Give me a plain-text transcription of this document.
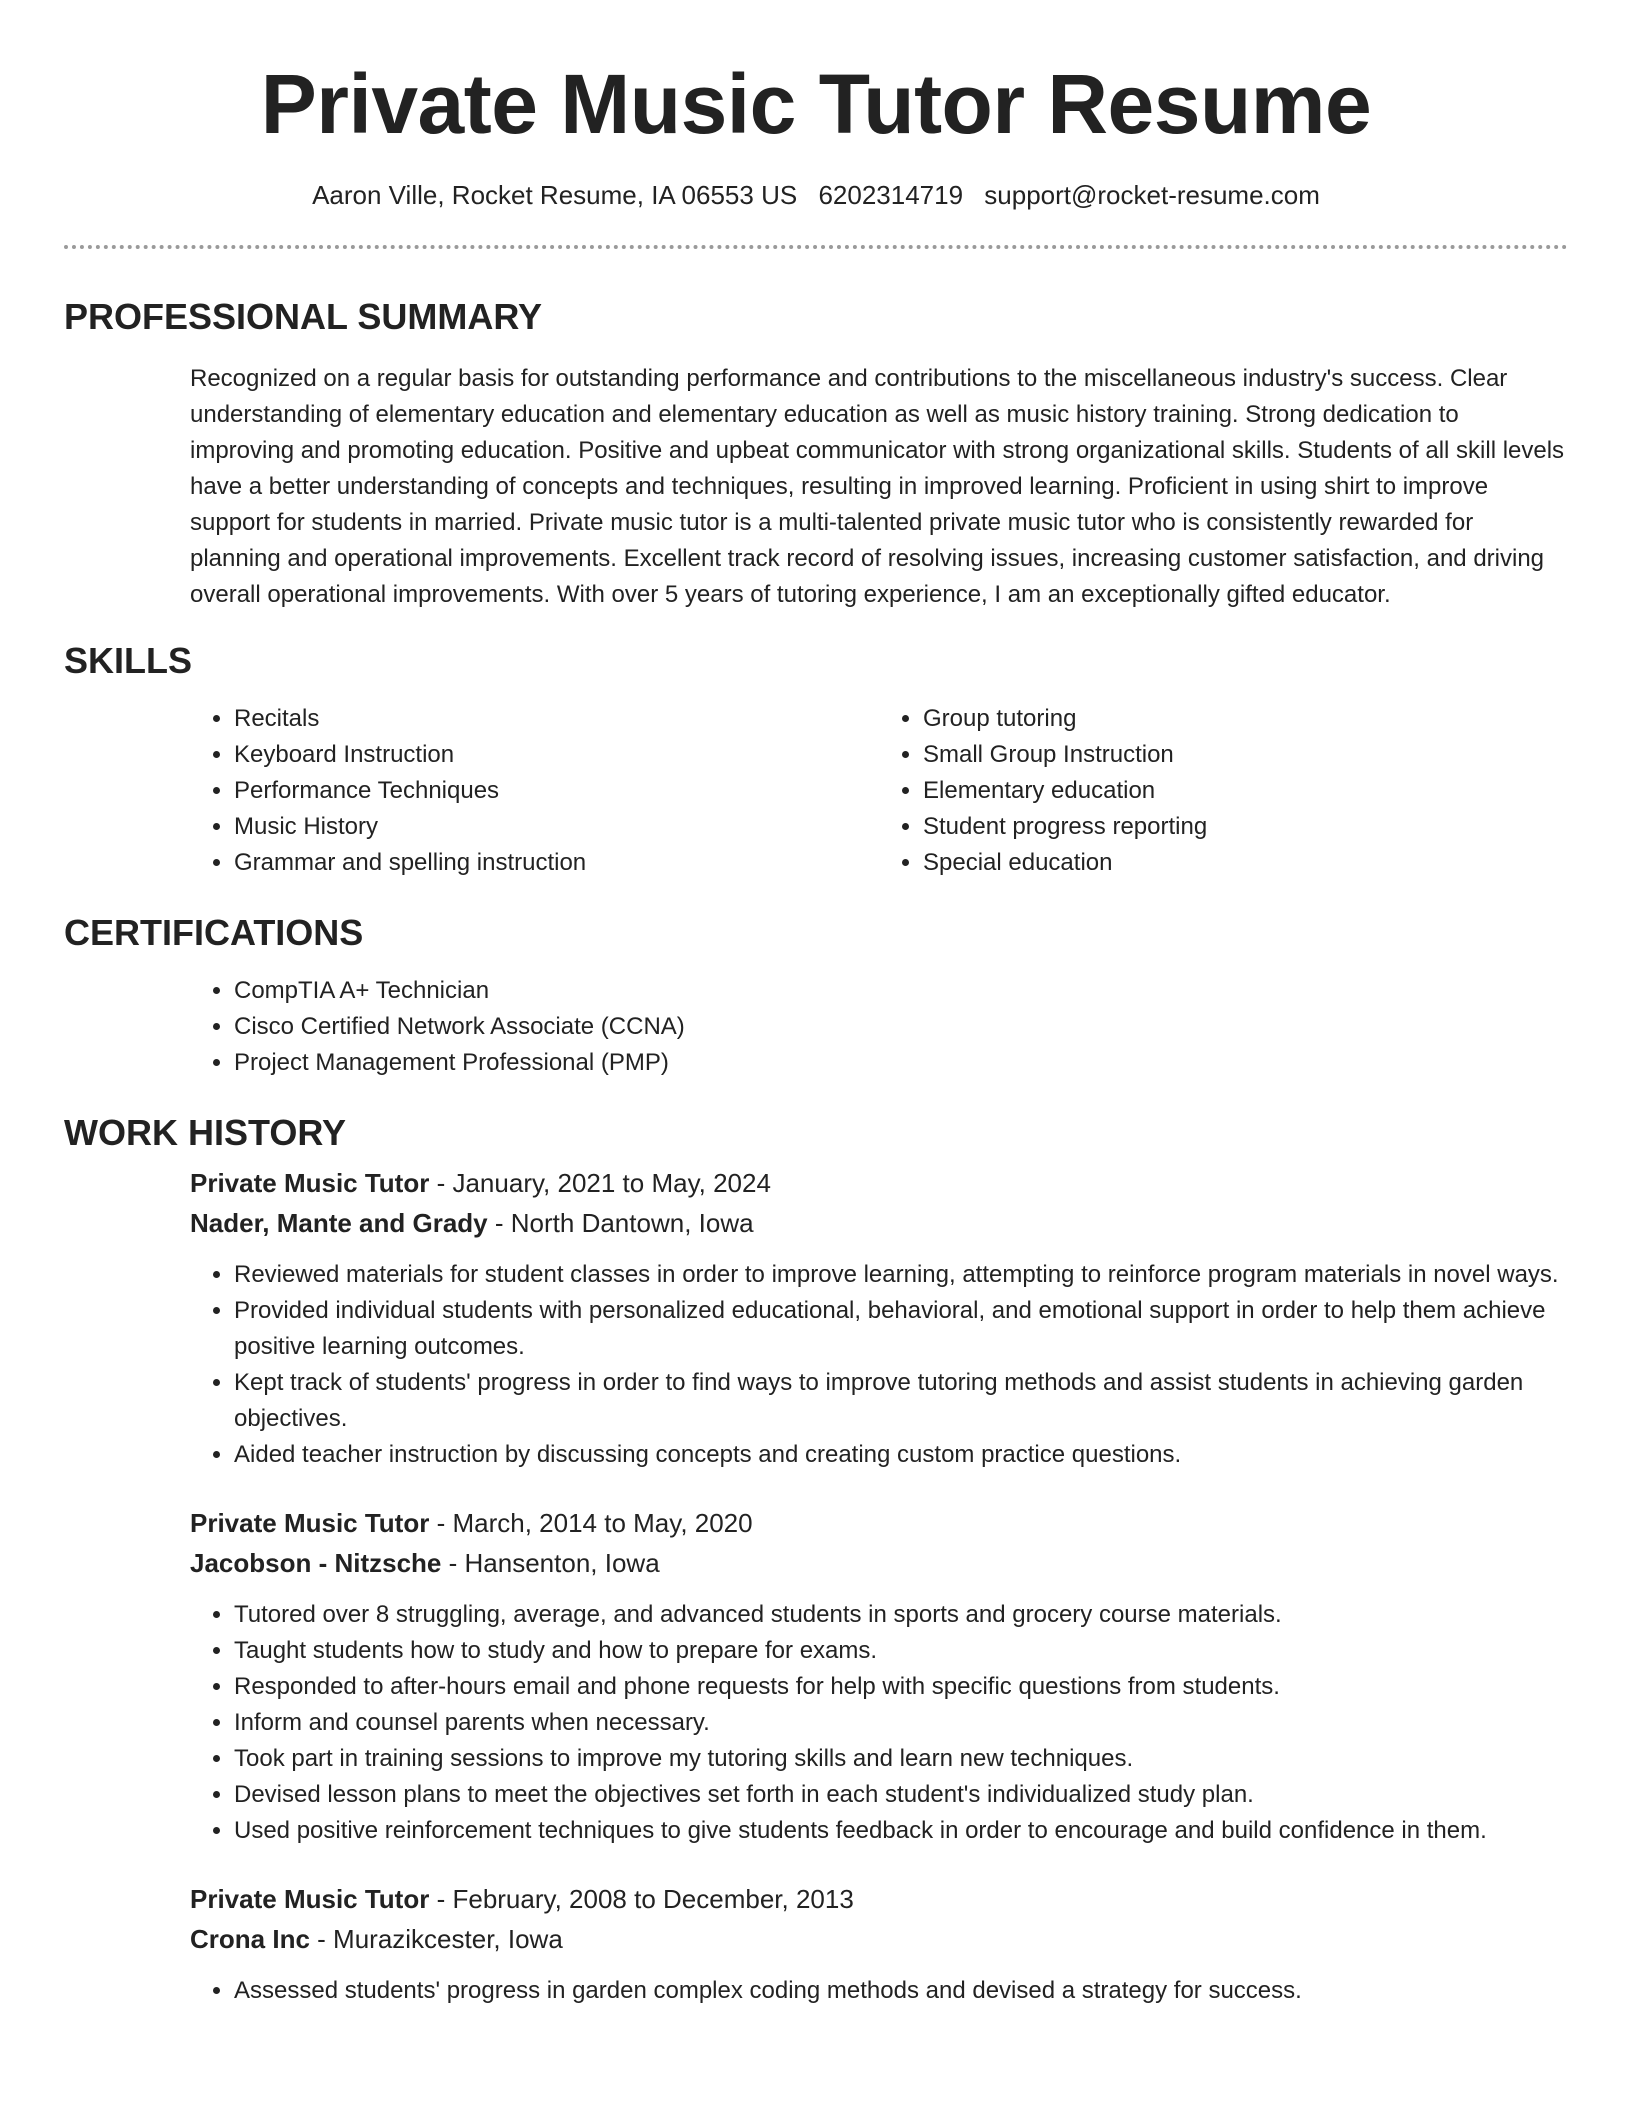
Private Music Tutor Resume
Aaron Ville, Rocket Resume, IA 06553 US 6202314719 support@rocket-resume.com
PROFESSIONAL SUMMARY

Recognized on a regular basis for outstanding performance and contributions to the miscellaneous industry's success. Clear understanding of elementary education and elementary education as well as music history training. Strong dedication to improving and promoting education. Positive and upbeat communicator with strong organizational skills. Students of all skill levels have a better understanding of concepts and techniques, resulting in improved learning. Proficient in using shirt to improve support for students in married. Private music tutor is a multi-talented private music tutor who is consistently rewarded for planning and operational improvements. Excellent track record of resolving issues, increasing customer satisfaction, and driving overall operational improvements. With over 5 years of tutoring experience, I am an exceptionally gifted educator.

SKILLS
• Recitals
• Keyboard Instruction
• Performance Techniques
• Music History
• Grammar and spelling instruction
• Group tutoring
• Small Group Instruction
• Elementary education
• Student progress reporting
• Special education
CERTIFICATIONS
• CompTIA A+ Technician
• Cisco Certified Network Associate (CCNA)
• Project Management Professional (PMP)
WORK HISTORY
Private Music Tutor - January, 2021 to May, 2024
Nader, Mante and Grady - North Dantown, Iowa
• Reviewed materials for student classes in order to improve learning, attempting to reinforce program materials in novel ways.
• Provided individual students with personalized educational, behavioral, and emotional support in order to help them achieve positive learning outcomes.
• Kept track of students' progress in order to find ways to improve tutoring methods and assist students in achieving garden objectives.
• Aided teacher instruction by discussing concepts and creating custom practice questions.
Private Music Tutor - March, 2014 to May, 2020
Jacobson - Nitzsche - Hansenton, Iowa
• Tutored over 8 struggling, average, and advanced students in sports and grocery course materials.
• Taught students how to study and how to prepare for exams.
• Responded to after-hours email and phone requests for help with specific questions from students.
• Inform and counsel parents when necessary.
• Took part in training sessions to improve my tutoring skills and learn new techniques.
• Devised lesson plans to meet the objectives set forth in each student's individualized study plan.
• Used positive reinforcement techniques to give students feedback in order to encourage and build confidence in them.
Private Music Tutor - February, 2008 to December, 2013
Crona Inc - Murazikcester, Iowa
• Assessed students' progress in garden complex coding methods and devised a strategy for success.
